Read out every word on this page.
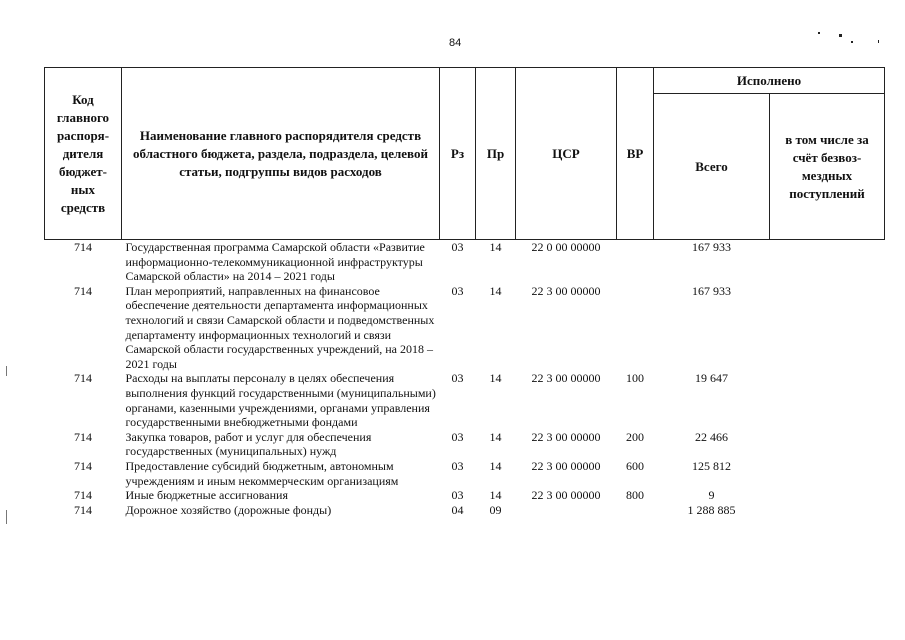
84
Код главного распоря-дителя бюджет-ных средств	Наименование главного распорядителя средств областного бюджета, раздела, подраздела, целевой статьи, подгруппы видов расходов	Рз	Пр	ЦСР	ВР	Исполнено	
						Всего	в том числе за счёт безвоз-мездных поступлений

714	Государственная программа Самарской области «Развитие информационно-телекоммуникационной инфраструктуры Самарской области» на 2014 – 2021 годы	03	14	22 0 00 00000		167 933	
714	План мероприятий, направленных на финансовое обеспечение деятельности департамента информационных технологий и связи Самарской области и подведомственных департаменту информационных технологий и связи Самарской области государственных учреждений, на 2018 – 2021 годы	03	14	22 3 00 00000		167 933	
714	Расходы на выплаты персоналу в целях обеспечения выполнения функций государственными (муниципальными) органами, казенными учреждениями, органами управления государственными внебюджетными фондами	03	14	22 3 00 00000	100	19 647	
714	Закупка товаров, работ и услуг для обеспечения государственных (муниципальных) нужд	03	14	22 3 00 00000	200	22 466	
714	Предоставление субсидий бюджетным, автономным учреждениям и иным некоммерческим организациям	03	14	22 3 00 00000	600	125 812	
714	Иные бюджетные ассигнования	03	14	22 3 00 00000	800	9	
714	Дорожное хозяйство (дорожные фонды)	04	09			1 288 885	
